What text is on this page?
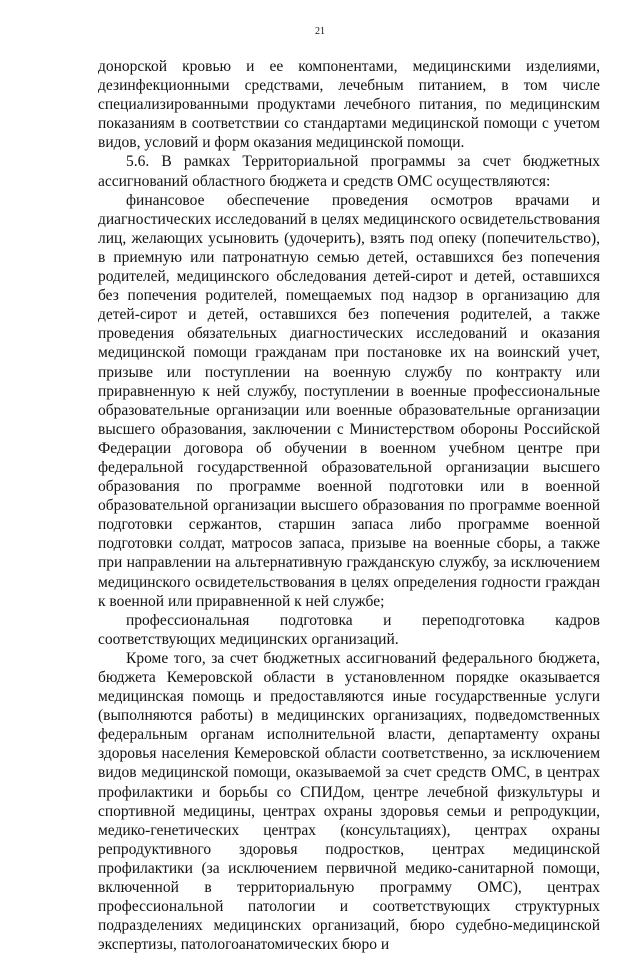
21

донорской кровью и ее компонентами, медицинскими изделиями, дезинфекционными средствами, лечебным питанием, в том числе специализированными продуктами лечебного питания, по медицинским показаниям в соответствии со стандартами медицинской помощи с учетом видов, условий и форм оказания медицинской помощи.

5.6. В рамках Территориальной программы за счет бюджетных ассигнований областного бюджета и средств ОМС осуществляются:

финансовое обеспечение проведения осмотров врачами и диагностических исследований в целях медицинского освидетельствования лиц, желающих усыновить (удочерить), взять под опеку (попечительство), в приемную или патронатную семью детей, оставшихся без попечения родителей, медицинского обследования детей-сирот и детей, оставшихся без попечения родителей, помещаемых под надзор в организацию для детей-сирот и детей, оставшихся без попечения родителей, а также проведения обязательных диагностических исследований и оказания медицинской помощи гражданам при постановке их на воинский учет, призыве или поступлении на военную службу по контракту или приравненную к ней службу, поступлении в военные профессиональные образовательные организации или военные образовательные организации высшего образования, заключении с Министерством обороны Российской Федерации договора об обучении в военном учебном центре при федеральной государственной образовательной организации высшего образования по программе военной подготовки или в военной образовательной организации высшего образования по программе военной подготовки сержантов, старшин запаса либо программе военной подготовки солдат, матросов запаса, призыве на военные сборы, а также при направлении на альтернативную гражданскую службу, за исключением медицинского освидетельствования в целях определения годности граждан к военной или приравненной к ней службе;

профессиональная подготовка и переподготовка кадров соответствующих медицинских организаций.

Кроме того, за счет бюджетных ассигнований федерального бюджета, бюджета Кемеровской области в установленном порядке оказывается медицинская помощь и предоставляются иные государственные услуги (выполняются работы) в медицинских организациях, подведомственных федеральным органам исполнительной власти, департаменту охраны здоровья населения Кемеровской области соответственно, за исключением видов медицинской помощи, оказываемой за счет средств ОМС, в центрах профилактики и борьбы со СПИДом, центре лечебной физкультуры и спортивной медицины, центрах охраны здоровья семьи и репродукции, медико-генетических центрах (консультациях), центрах охраны репродуктивного здоровья подростков, центрах медицинской профилактики (за исключением первичной медико-санитарной помощи, включенной в территориальную программу ОМС), центрах профессиональной патологии и соответствующих структурных подразделениях медицинских организаций, бюро судебно-медицинской экспертизы, патологоанатомических бюро и
